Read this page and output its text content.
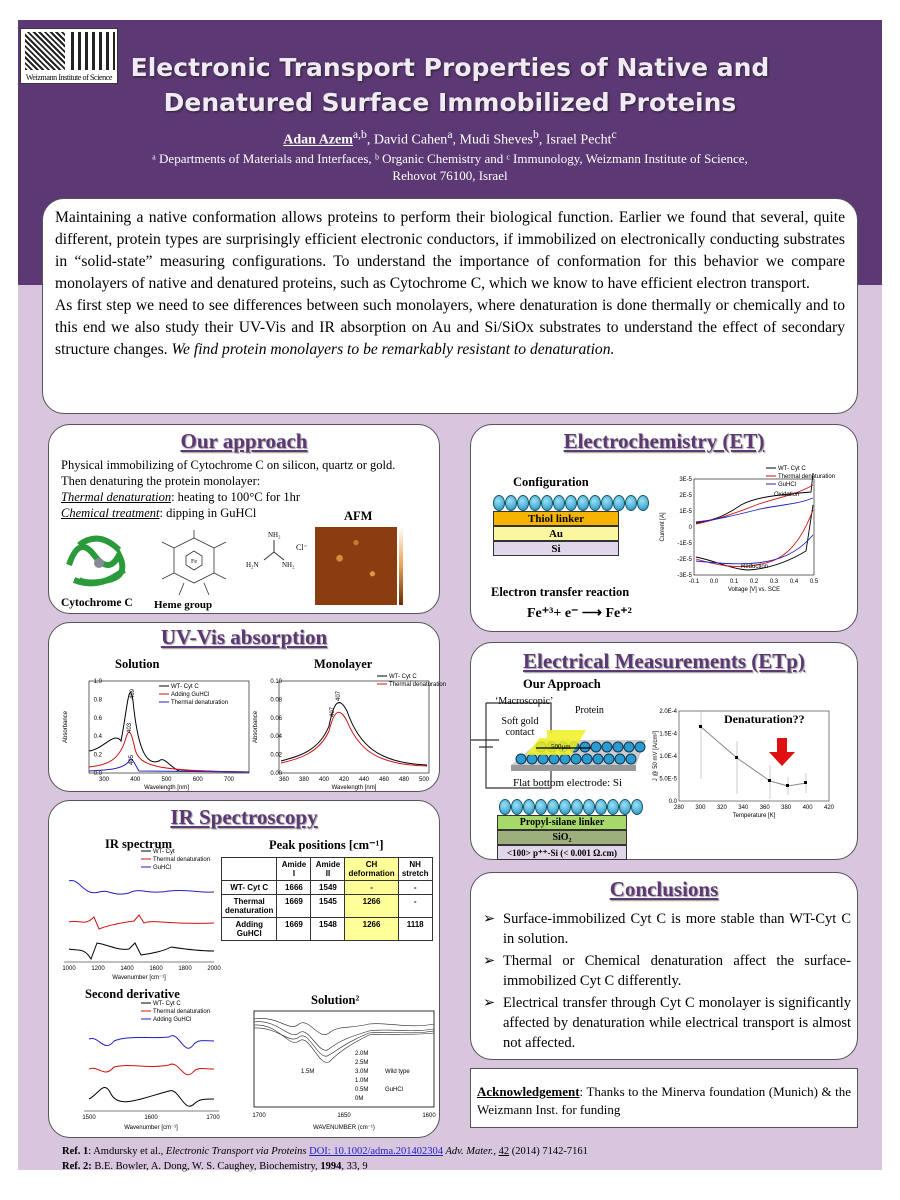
Weizmann Institute of Science Electronic Transport Properties of Native and
Denatured Surface Immobilized Proteins
Adan Azem$^{a,b}$, David Cahen$^a$, Mudi Sheves$^b$, Israel Pecht$^c$
ᵃ Departments of Materials and Interfaces, ᵇ Organic Chemistry and ᶜ Immunology, Weizmann Institute of Science, Rehovot 76100, Israel
Maintaining a native conformation allows proteins to perform their biological function. Earlier we found that several, quite different, protein types are surprisingly efficient electronic conductors, if immobilized on electronically conducting substrates in “solid-state” measuring configurations. To understand the importance of conformation for this behavior we compare monolayers of native and denatured proteins, such as Cytochrome C, which we know to have efficient electron transport.
As first step we need to see differences between such monolayers, where denaturation is done thermally or chemically and to this end we also study their UV-Vis and IR absorption on Au and Si/SiOx substrates to understand the effect of secondary structure changes. We find protein monolayers to be remarkably resistant to denaturation.
Our approach
Physical immobilizing of Cytochrome C on silicon, quartz or gold.
Then denaturing the protein monolayer:
Thermal denaturation: heating to 100°C for 1hr
Chemical treatment: dipping in GuHCl
Fe
NH₂
H₂N	NH₂
Cl⁻
AFM
Cytochrome C Heme group
Electrochemistry (ET)
Configuration
Thiol linker
Au
Si
Electron transfer reaction
Fe⁺³+ e⁻ ⟶ Fe⁺²
Oxidation
Reduction
-0.1 0.0 0.1 0.2 0.3 0.4 0.5
3E-5
2E-5
1E-5
0
-1E-5
-2E-5
-3E-5
Voltage [V] vs. SCE
Current [A]
WT- Cyt C
Thermal denaturation
GuHCl
UV-Vis absorption
Solution	Monolayer
300	400	500	600	700
1.0
0.8
0.6
0.4
0.2
0.0
Wavelength [nm]
Absorbance
WT- Cyt C
Adding GuHCl
Thermal denaturation
409
403
405
360 380 400 420 440 460 480 500
0.10
0.08
0.06
0.04
0.02
0.00
Wavelength [nm]
Absorbance
WT- Cyt C
Thermal denaturation
407
407
Electrical Measurements (ETp)
Our Approach
‘Macroscopic’
Protein
Soft gold contact
500μm
Flat bottom electrode: Si
Propyl-silane linker
SiO₂
<100> p⁺⁺-Si (< 0.001 Ω.cm)
Denaturation??
280 300 320 340 360 380 400 420
2.0E-4
1.5E-4
1.0E-4
5.0E-5
0.0
Temperature [K]
J @ 50 mV [A/cm²]
IR Spectroscopy
IR spectrum	Peak positions [cm⁻¹]
1000	1200	1400	1600	1800	2000
Wavenumber [cm⁻¹]
WT- Cyt
Thermal denaturation
GuHCl
		Amide I	Amide II	CH deformation	NH stretch
WT- Cyt C	1666	1549	-	-
Thermal denaturation	1669	1545	1266	-
Adding GuHCl	1669	1548	1266	1118
Second derivative
1500	1600	1700
Wavenumber [cm⁻¹]
WT- Cyt C
Thermal denaturation
Adding GuHCl
Solution²
1700	1650	1600
WAVENUMBER (cm⁻¹)
2.0M
2.5M
3.0M
1.0M
0.5M
0M
1.5M	Wild type
GuHCl
Conclusions
➢ Surface-immobilized Cyt C is more stable than WT-Cyt C in solution.
➢ Thermal or Chemical denaturation affect the surface-immobilized Cyt C differently.
➢ Electrical transfer through Cyt C monolayer is significantly affected by denaturation while electrical transport is almost not affected.
Acknowledgement: Thanks to the Minerva foundation (Munich) & the Weizmann Inst. for funding
Ref. 1: Amdursky et al., Electronic Transport via Proteins DOI: 10.1002/adma.201402304 Adv. Mater., 42 (2014) 7142-7161
Ref. 2: B.E. Bowler, A. Dong, W. S. Caughey, Biochemistry, 1994, 33, 9
